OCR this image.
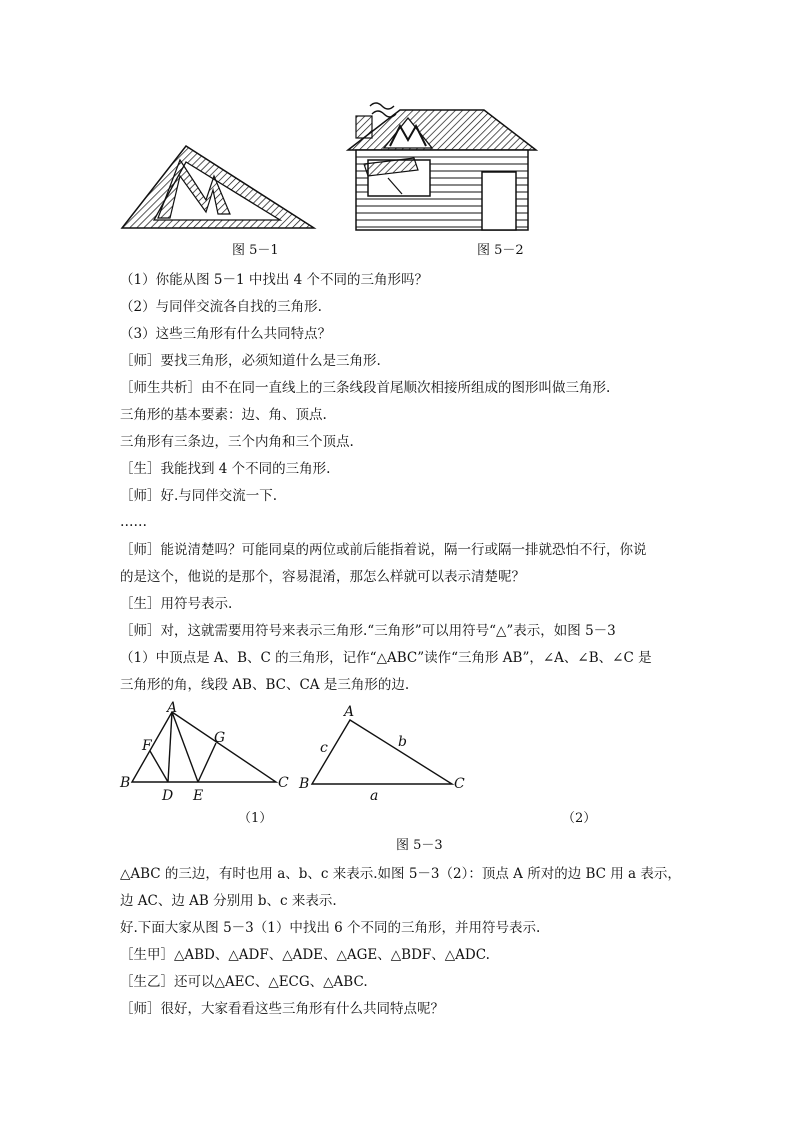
图 5－1	图 5－2
（1）你能从图 5－1 中找出 4 个不同的三角形吗？
（2）与同伴交流各自找的三角形.
（3）这些三角形有什么共同特点？
［师］要找三角形，必须知道什么是三角形.
［师生共析］由不在同一直线上的三条线段首尾顺次相接所组成的图形叫做三角形.
三角形的基本要素：边、角、顶点.
三角形有三条边，三个内角和三个顶点.
［生］我能找到 4 个不同的三角形.
［师］好.与同伴交流一下.
……
［师］能说清楚吗？可能同桌的两位或前后能指着说，隔一行或隔一排就恐怕不行，你说
的是这个，他说的是那个，容易混淆，那怎么样就可以表示清楚呢？
［生］用符号表示.
［师］对，这就需要用符号来表示三角形.“三角形”可以用符号“△”表示，如图 5－3
（1）中顶点是 A、B、C 的三角形，记作“△ABC”读作“三角形 AB”，∠A、∠B、∠C 是
三角形的角，线段 AB、BC、CA 是三角形的边.
A
F	G
B
D E
C
A
B	C
c	b
a
（1）	（2）
图 5－3
△ABC 的三边，有时也用 a、b、c 来表示.如图 5－3（2）：顶点 A 所对的边 BC 用 a 表示，
边 AC、边 AB 分别用 b、c 来表示.
好.下面大家从图 5－3（1）中找出 6 个不同的三角形，并用符号表示.
［生甲］△ABD、△ADF、△ADE、△AGE、△BDF、△ADC.
［生乙］还可以△AEC、△ECG、△ABC.
［师］很好，大家看看这些三角形有什么共同特点呢？
